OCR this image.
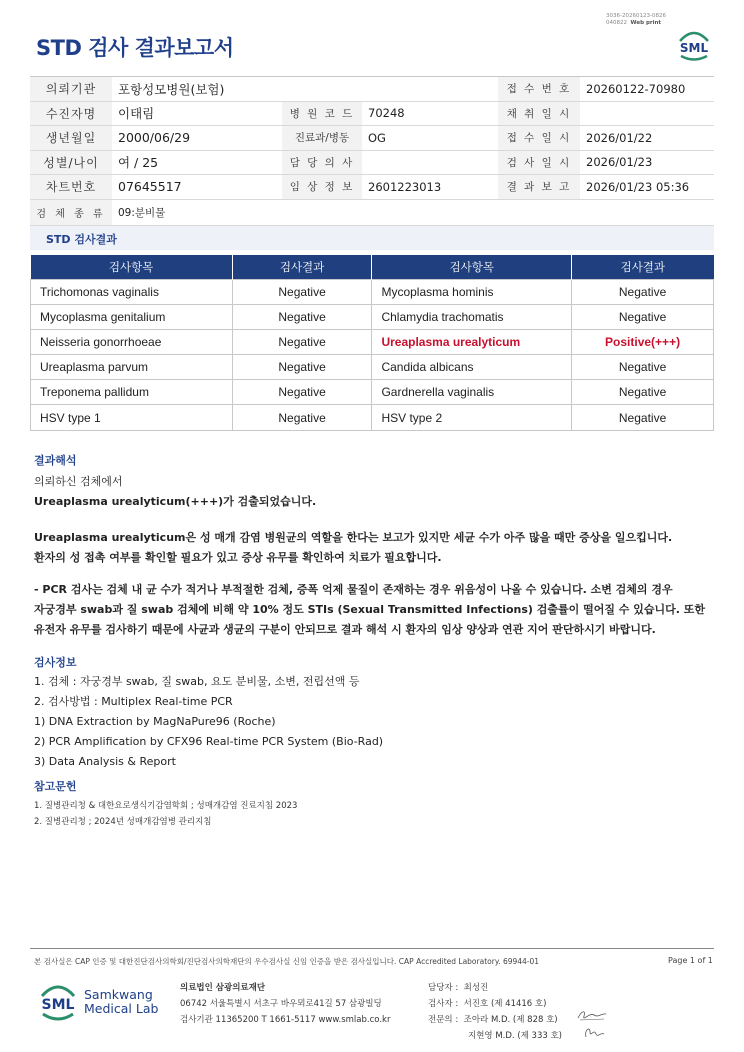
3036-20260123-0826
040822 Web print
STD 검사 결과보고서	SML
의뢰기관	포항성모병원(보험)			접 수 번 호	20260122-70980
수진자명	이태림	병 원 코 드	70248	채 취 일 시	
생년월일	2000/06/29	진료과/병동	OG	접 수 일 시	2026/01/22
성별/나이	여 / 25	담 당 의 사		검 사 일 시	2026/01/23
차트번호	07645517	임 상 정 보	2601223013	결 과 보 고	2026/01/23 05:36
검 체 종 류	09:분비물				
STD 검사결과
검사항목	검사결과	검사항목	검사결과
Trichomonas vaginalis	Negative	Mycoplasma hominis	Negative
Mycoplasma genitalium	Negative	Chlamydia trachomatis	Negative
Neisseria gonorrhoeae	Negative	Ureaplasma urealyticum	Positive(+++)
Ureaplasma parvum	Negative	Candida albicans	Negative
Treponema pallidum	Negative	Gardnerella vaginalis	Negative
HSV type 1	Negative	HSV type 2	Negative
결과해석
의뢰하신 검체에서
Ureaplasma urealyticum(+++)가 검출되었습니다.
Ureaplasma urealyticum은 성 매개 감염 병원균의 역할을 한다는 보고가 있지만 세균 수가 아주 많을 때만 증상을 일으킵니다.
환자의 성 접촉 여부를 확인할 필요가 있고 증상 유무를 확인하여 치료가 필요합니다.
- PCR 검사는 검체 내 균 수가 적거나 부적절한 검체, 증폭 억제 물질이 존재하는 경우 위음성이 나올 수 있습니다. 소변 검체의 경우
자궁경부 swab과 질 swab 검체에 비해 약 10% 정도 STIs (Sexual Transmitted Infections) 검출률이 떨어질 수 있습니다. 또한
유전자 유무를 검사하기 때문에 사균과 생균의 구분이 안되므로 결과 해석 시 환자의 임상 양상과 연관 지어 판단하시기 바랍니다.
검사정보
1. 검체 : 자궁경부 swab, 질 swab, 요도 분비물, 소변, 전립선액 등
2. 검사방법 : Multiplex Real-time PCR
1) DNA Extraction by MagNaPure96 (Roche)
2) PCR Amplification by CFX96 Real-time PCR System (Bio-Rad)
3) Data Analysis & Report
참고문헌
1. 질병관리청 & 대한요로생식기감염학회 ; 성매개감염 진료지침 2023
2. 질병관리청 ; 2024년 성매개감염병 관리지침
본 검사실은 CAP 인증 및 대한진단검사의학회/진단검사의학재단의 우수검사실 신임 인증을 받은 검사실입니다. CAP Accredited Laboratory. 69944-01	Page 1 of 1
SML
Samkwang
Medical Lab
의료법인 삼광의료재단
06742 서울특별시 서초구 바우뫼로41길 57 삼광빌딩
검사기관 11365200 T 1661-5117 www.smlab.co.kr
담당자 : 최성진
검사자 : 서진호 (제 41416 호)
전문의 : 조아라 M.D. (제 828 호)
지현영 M.D. (제 333 호)
